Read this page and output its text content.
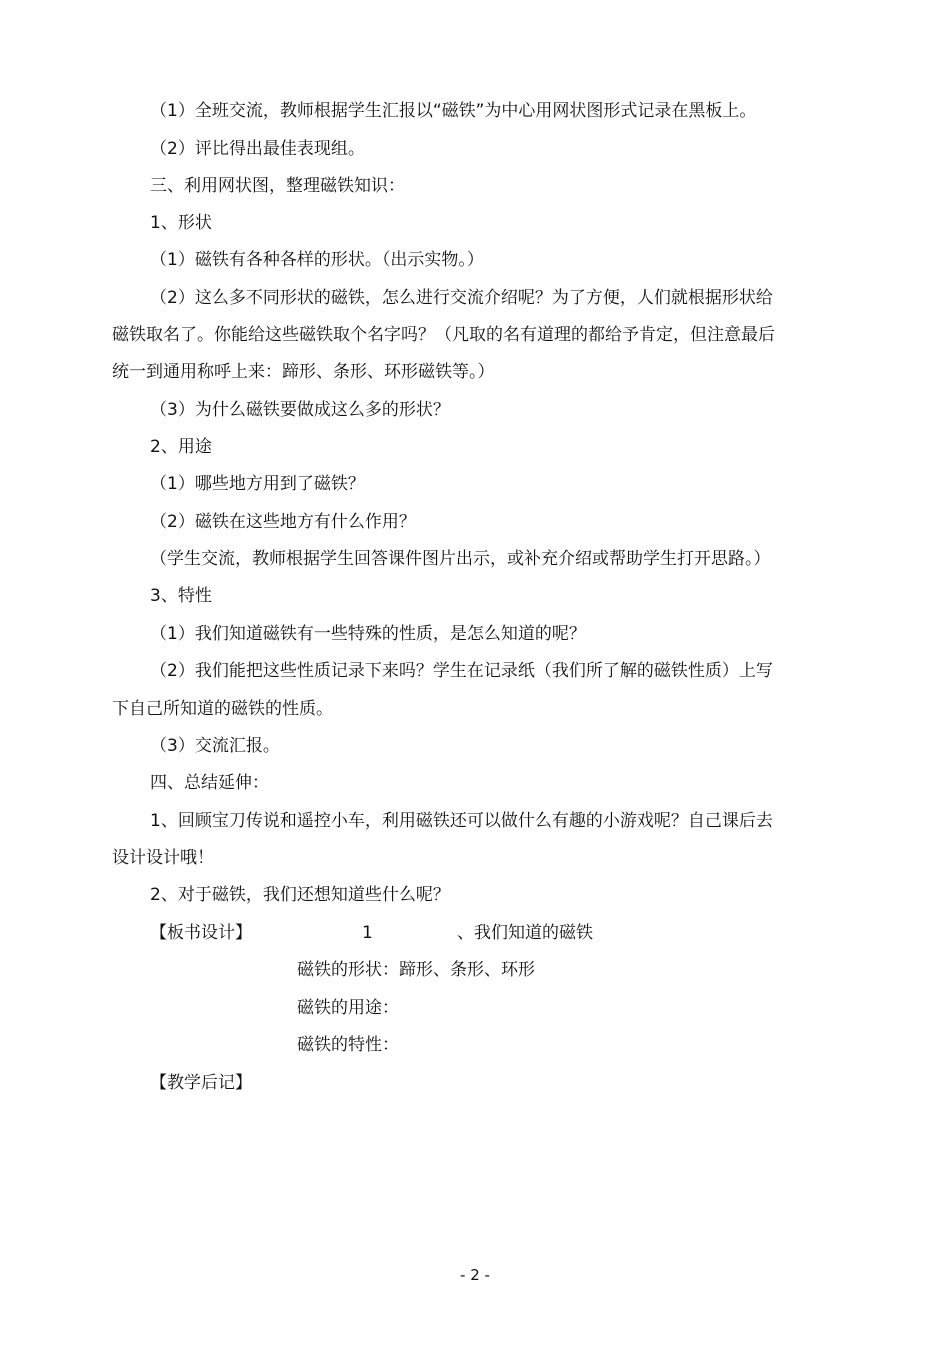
（1）全班交流，教师根据学生汇报以“磁铁”为中心用网状图形式记录在黑板上。
（2）评比得出最佳表现组。
三、利用网状图，整理磁铁知识：
1、形状
（1）磁铁有各种各样的形状。（出示实物。）
（2）这么多不同形状的磁铁，怎么进行交流介绍呢？为了方便，人们就根据形状给
磁铁取名了。你能给这些磁铁取个名字吗？（凡取的名有道理的都给予肯定，但注意最后
统一到通用称呼上来：蹄形、条形、环形磁铁等。）
（3）为什么磁铁要做成这么多的形状？
2、用途
（1）哪些地方用到了磁铁？
（2）磁铁在这些地方有什么作用？
（学生交流，教师根据学生回答课件图片出示，或补充介绍或帮助学生打开思路。）
3、特性
（1）我们知道磁铁有一些特殊的性质，是怎么知道的呢？
（2）我们能把这些性质记录下来吗？学生在记录纸（我们所了解的磁铁性质）上写
下自己所知道的磁铁的性质。
（3）交流汇报。
四、总结延伸：
1、回顾宝刀传说和遥控小车，利用磁铁还可以做什么有趣的小游戏呢？自己课后去
设计设计哦！
2、对于磁铁，我们还想知道些什么呢？
【板书设计】	1	、我们知道的磁铁
磁铁的形状：蹄形、条形、环形
磁铁的用途：
磁铁的特性：
【教学后记】
- 2 -
